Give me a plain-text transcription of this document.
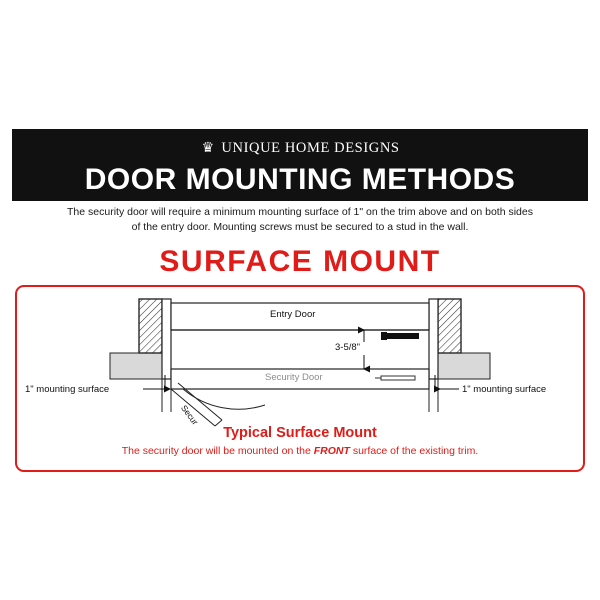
♛ UNIQUE HOME DESIGNS
DOOR MOUNTING METHODS
The security door will require a minimum mounting surface of 1" on the trim above and on both sides
of the entry door. Mounting screws must be secured to a stud in the wall.
SURFACE MOUNT
Entry Door
3-5/8"
Security Door
1" mounting surface	1" mounting surface
Secur
Typical Surface Mount
The security door will be mounted on the FRONT surface of the existing trim.
